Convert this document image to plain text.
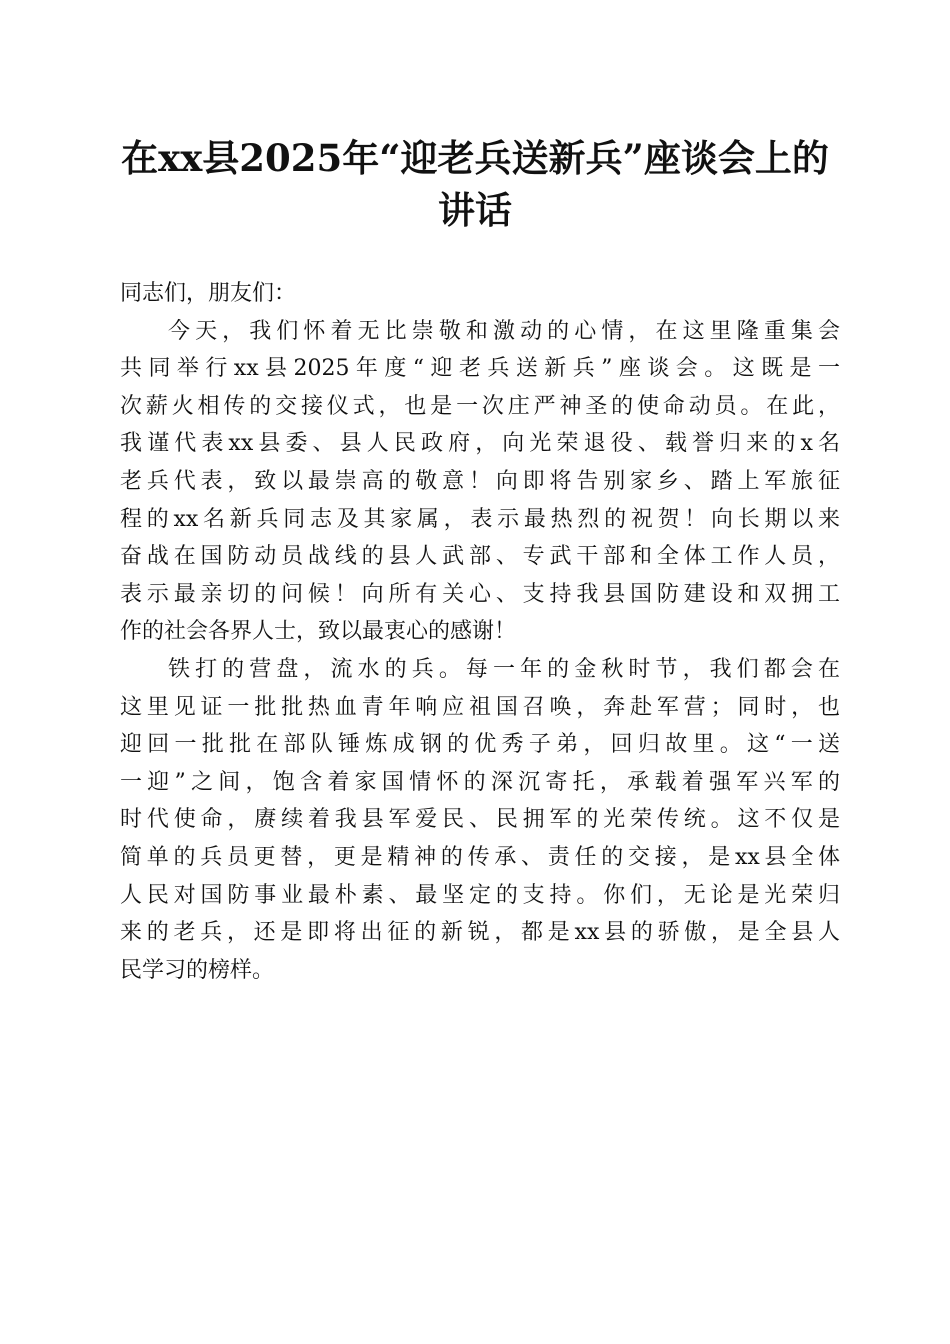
在xx县2025年“迎老兵送新兵”座谈会上的
讲话

同志们，朋友们：

今天，我们怀着无比崇敬和激动的心情，在这里隆重集会

共同举行xx县2025年度“迎老兵送新兵”座谈会。这既是一

次薪火相传的交接仪式，也是一次庄严神圣的使命动员。在此，

我谨代表xx县委、县人民政府，向光荣退役、载誉归来的x名

老兵代表，致以最崇高的敬意！向即将告别家乡、踏上军旅征

程的xx名新兵同志及其家属，表示最热烈的祝贺！向长期以来

奋战在国防动员战线的县人武部、专武干部和全体工作人员，

表示最亲切的问候！向所有关心、支持我县国防建设和双拥工

作的社会各界人士，致以最衷心的感谢！

铁打的营盘，流水的兵。每一年的金秋时节，我们都会在

这里见证一批批热血青年响应祖国召唤，奔赴军营；同时，也

迎回一批批在部队锤炼成钢的优秀子弟，回归故里。这“一送

一迎”之间，饱含着家国情怀的深沉寄托，承载着强军兴军的

时代使命，赓续着我县军爱民、民拥军的光荣传统。这不仅是

简单的兵员更替，更是精神的传承、责任的交接，是xx县全体

人民对国防事业最朴素、最坚定的支持。你们，无论是光荣归

来的老兵，还是即将出征的新锐，都是xx县的骄傲，是全县人

民学习的榜样。
